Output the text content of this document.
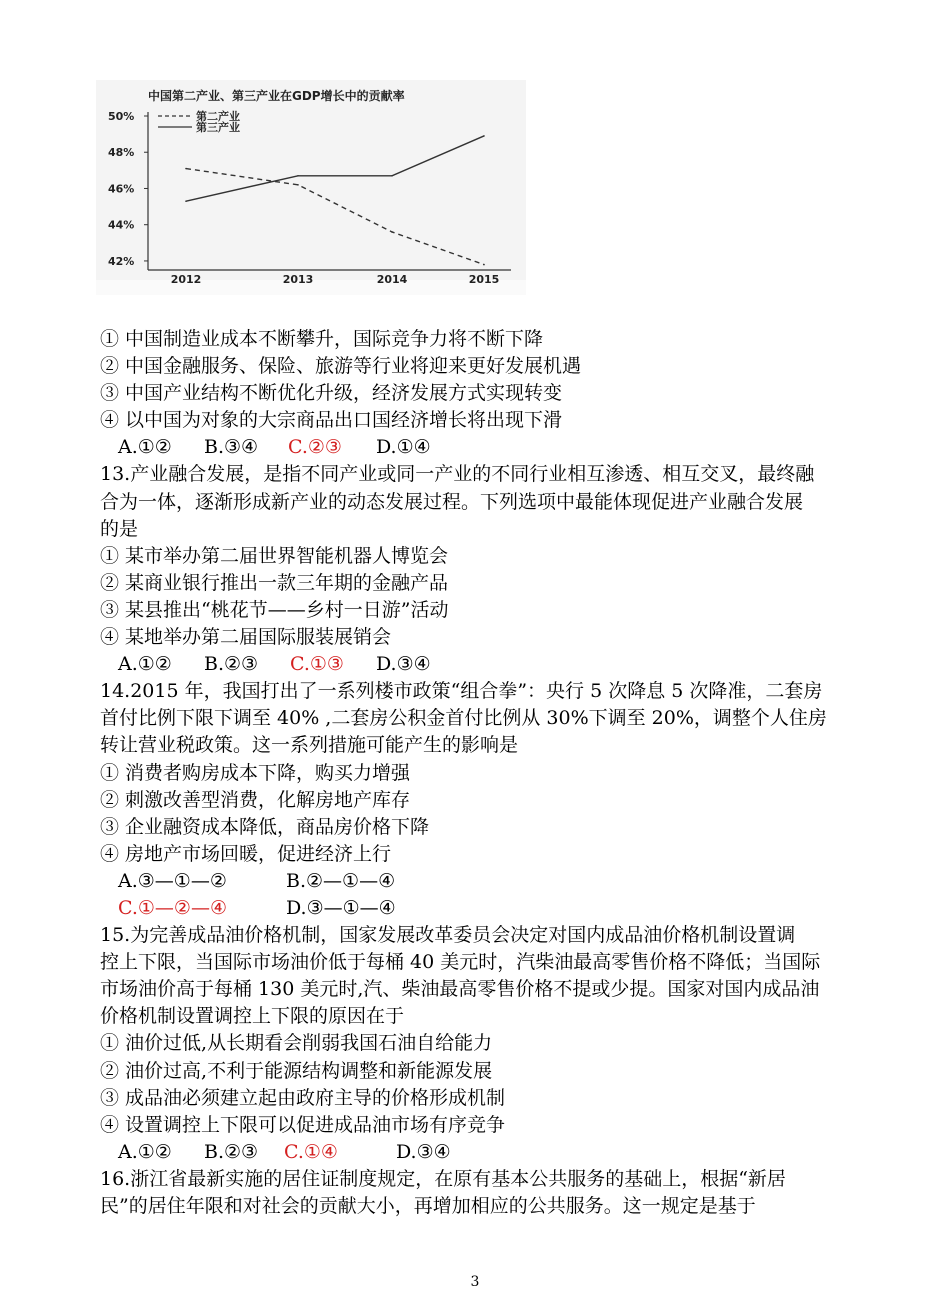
中国第二产业、第三产业在GDP增长中的贡献率
50%
48%
46%
44%
42%
2012	2013	2014	2015
第二产业
第三产业
① 中国制造业成本不断攀升，国际竞争力将不断下降
② 中国金融服务、保险、旅游等行业将迎来更好发展机遇
③ 中国产业结构不断优化升级，经济发展方式实现转变
④ 以中国为对象的大宗商品出口国经济增长将出现下滑
A.①② B.③④ C.②③ D.①④
13.产业融合发展，是指不同产业或同一产业的不同行业相互渗透、相互交叉，最终融
合为一体，逐渐形成新产业的动态发展过程。下列选项中最能体现促进产业融合发展
的是
① 某市举办第二届世界智能机器人博览会
② 某商业银行推出一款三年期的金融产品
③ 某县推出“桃花节——乡村一日游”活动
④ 某地举办第二届国际服装展销会
A.①② B.②③ C.①③ D.③④
14.2015 年，我国打出了一系列楼市政策“组合拳”：央行 5 次降息 5 次降准，二套房
首付比例下限下调至 40% ,二套房公积金首付比例从 30%下调至 20%，调整个人住房
转让营业税政策。这一系列措施可能产生的影响是
① 消费者购房成本下降，购买力增强
② 刺激改善型消费，化解房地产库存
③ 企业融资成本降低，商品房价格下降
④ 房地产市场回暖，促进经济上行
A.③—①—②	B.②—①—④
C.①—②—④	D.③—①—④
15.为完善成品油价格机制，国家发展改革委员会决定对国内成品油价格机制设置调
控上下限，当国际市场油价低于每桶 40 美元时，汽柴油最高零售价格不降低；当国际
市场油价高于每桶 130 美元时,汽、柴油最高零售价格不提或少提。国家对国内成品油
价格机制设置调控上下限的原因在于
① 油价过低,从长期看会削弱我国石油自给能力
② 油价过高,不利于能源结构调整和新能源发展
③ 成品油必须建立起由政府主导的价格形成机制
④ 设置调控上下限可以促进成品油市场有序竞争
A.①② B.②③ C.①④	D.③④
16.浙江省最新实施的居住证制度规定，在原有基本公共服务的基础上，根据“新居
民”的居住年限和对社会的贡献大小，再增加相应的公共服务。这一规定是基于
3
